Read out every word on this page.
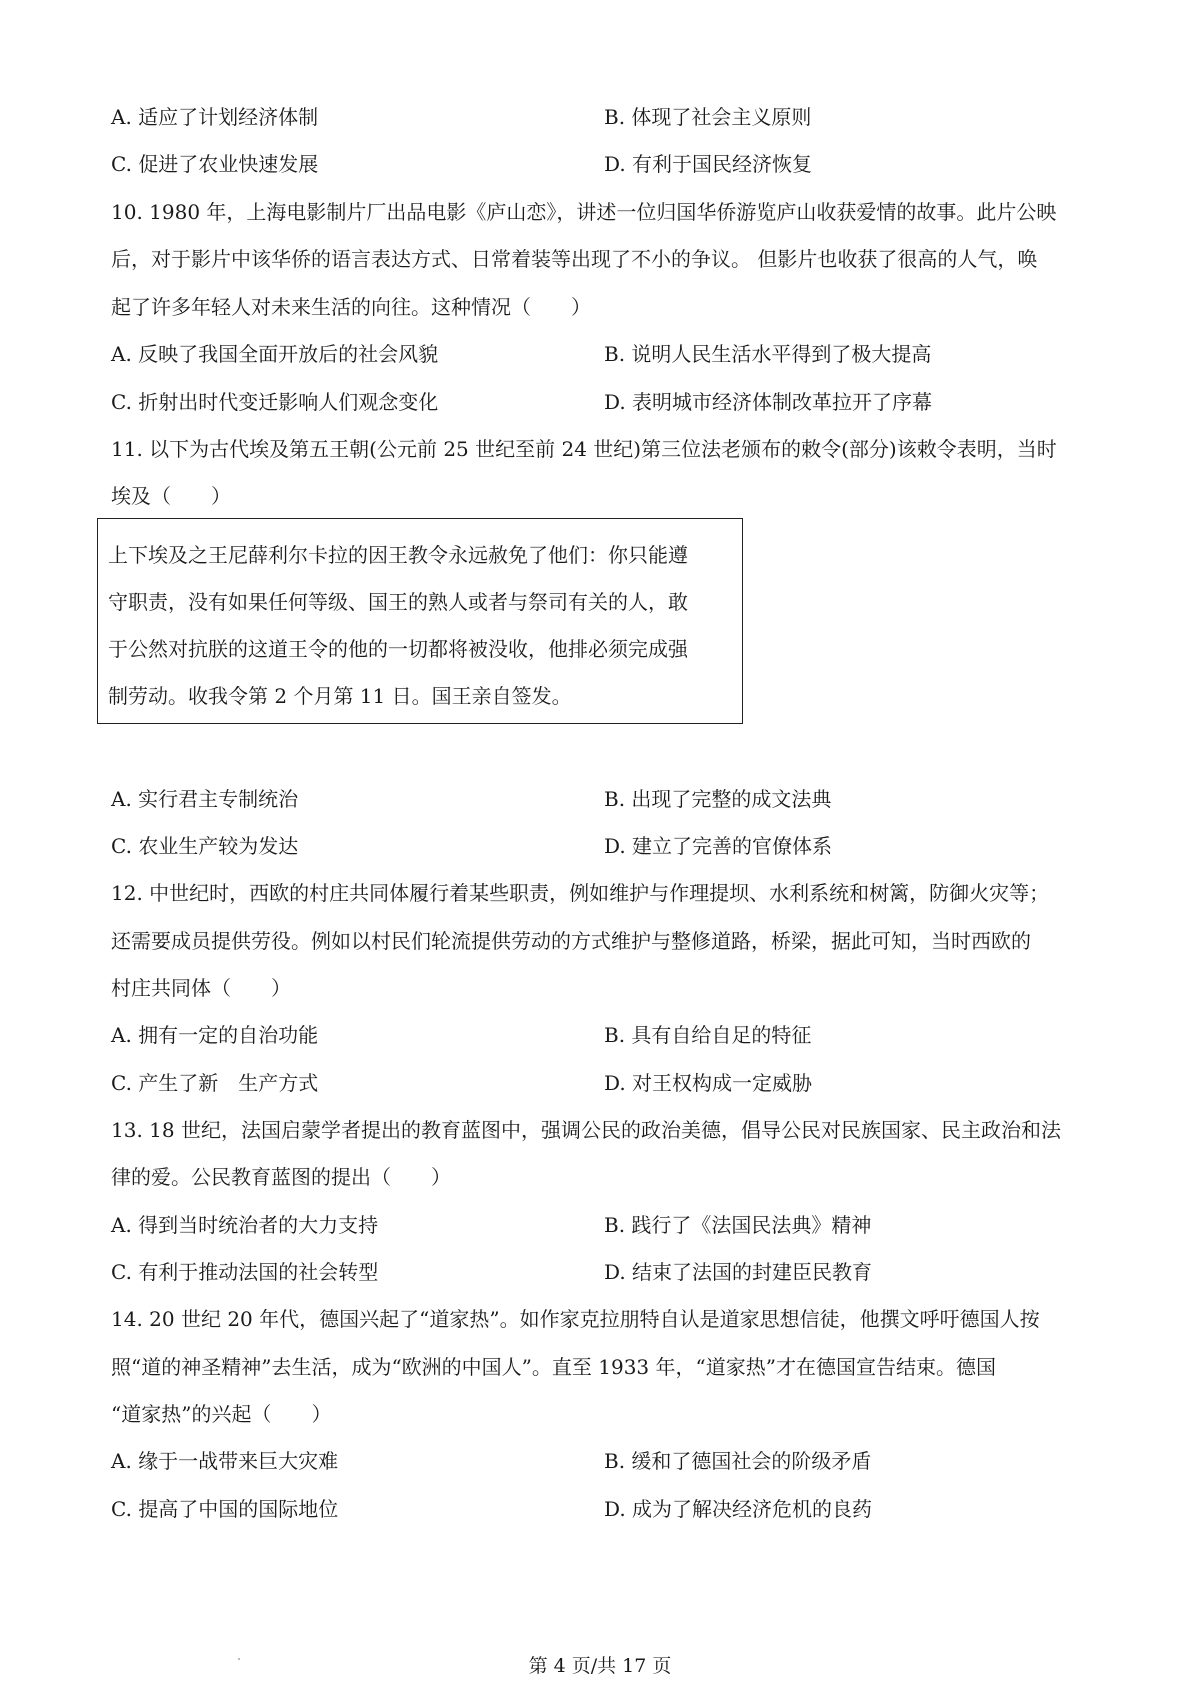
A. 适应了计划经济体制	B. 体现了社会主义原则
C. 促进了农业快速发展	D. 有利于国民经济恢复
10. 1980 年，上海电影制片厂出品电影《庐山恋》，讲述一位归国华侨游览庐山收获爱情的故事。此片公映
后，对于影片中该华侨的语言表达方式、日常着装等出现了不小的争议。 但影片也收获了很高的人气，唤
起了许多年轻人对未来生活的向往。这种情况（　　）
A. 反映了我国全面开放后的社会风貌	B. 说明人民生活水平得到了极大提高
C. 折射出时代变迁影响人们观念变化	D. 表明城市经济体制改革拉开了序幕
11. 以下为古代埃及第五王朝(公元前 25 世纪至前 24 世纪)第三位法老颁布的敕令(部分)该敕令表明，当时
埃及（　　）
上下埃及之王尼薛利尔卡拉的因王教令永远赦免了他们：你只能遵
守职责，没有如果任何等级、国王的熟人或者与祭司有关的人，敢
于公然对抗朕的这道王令的他的一切都将被没收，他排必须完成强
制劳动。收我令第 2 个月第 11 日。国王亲自签发。
A. 实行君主专制统治	B. 出现了完整的成文法典
C. 农业生产较为发达	D. 建立了完善的官僚体系
12. 中世纪时，西欧的村庄共同体履行着某些职责，例如维护与作理提坝、水利系统和树篱，防御火灾等；
还需要成员提供劳役。例如以村民们轮流提供劳动的方式维护与整修道路，桥梁，据此可知，当时西欧的
村庄共同体（　　）
A. 拥有一定的自治功能	B. 具有自给自足的特征
C. 产生了新　生产方式	D. 对王权构成一定威胁
13. 18 世纪，法国启蒙学者提出的教育蓝图中，强调公民的政治美德，倡导公民对民族国家、民主政治和法
律的爱。公民教育蓝图的提出（　　）
A. 得到当时统治者的大力支持	B. 践行了《法国民法典》精神
C. 有利于推动法国的社会转型	D. 结束了法国的封建臣民教育
14. 20 世纪 20 年代，德国兴起了“道家热”。如作家克拉朋特自认是道家思想信徒，他撰文呼吁德国人按
照“道的神圣精神”去生活，成为“欧洲的中国人”。直至 1933 年，“道家热”才在德国宣告结束。德国
“道家热”的兴起（　　）
A. 缘于一战带来巨大灾难	B. 缓和了德国社会的阶级矛盾
C. 提高了中国的国际地位	D. 成为了解决经济危机的良药
第 4 页/共 17 页
